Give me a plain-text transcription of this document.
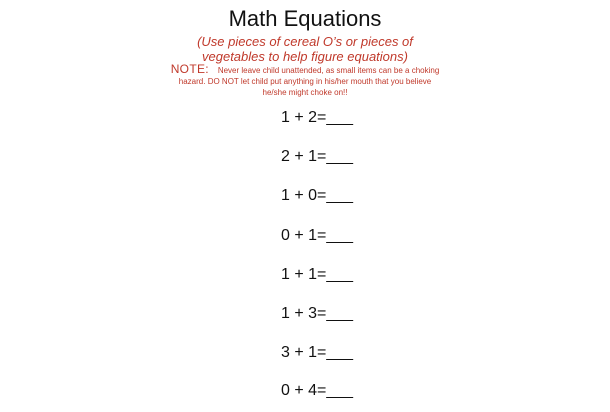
Math Equations
(Use pieces of cereal O’s or pieces of
vegetables to help figure equations)
NOTE: Never leave child unattended, as small items can be a choking hazard. DO NOT let child put anything in his/her mouth that you believe he/she might choke on!!
1 + 2=___
2 + 1=___
1 + 0=___
0 + 1=___
1 + 1=___
1 + 3=___
3 + 1=___
0 + 4=___
